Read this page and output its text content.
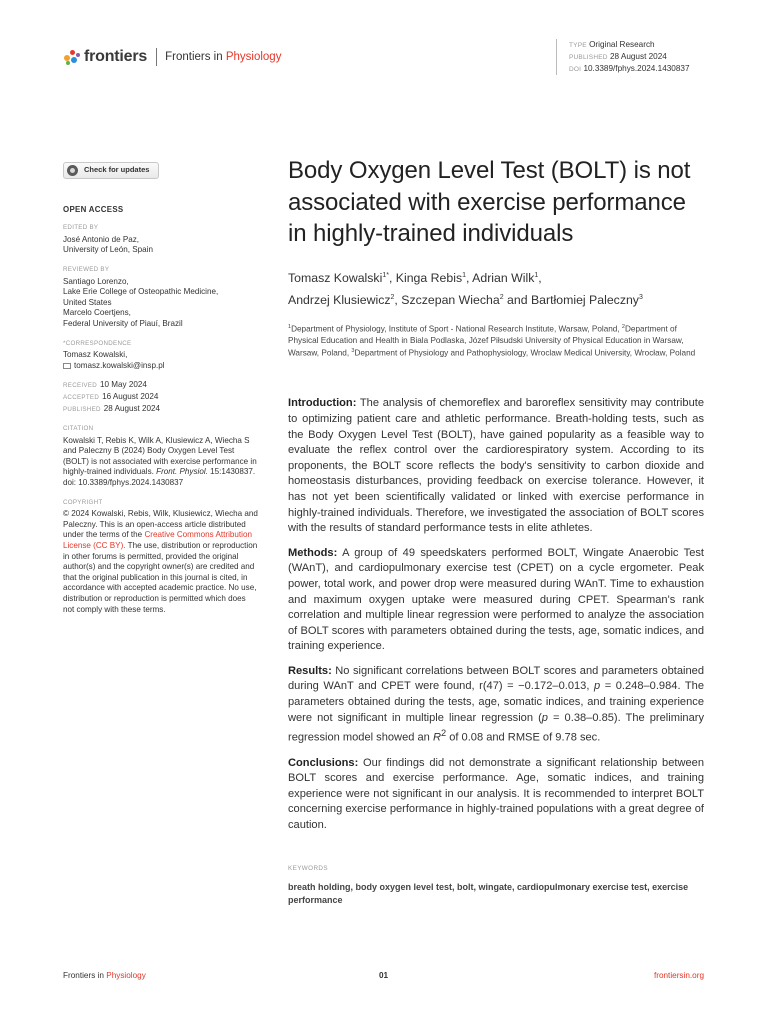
frontiers Frontiers in Physiology
TYPE Original Research
PUBLISHED 28 August 2024
DOI 10.3389/fphys.2024.1430837
Check for updates
OPEN ACCESS
EDITED BY
José Antonio de Paz,
University of León, Spain
REVIEWED BY
Santiago Lorenzo,
Lake Erie College of Osteopathic Medicine,
United States
Marcelo Coertjens,
Federal University of Piauí, Brazil
*CORRESPONDENCE
Tomasz Kowalski,
tomasz.kowalski@insp.pl
RECEIVED 10 May 2024
ACCEPTED 16 August 2024
PUBLISHED 28 August 2024
CITATION
Kowalski T, Rebis K, Wilk A, Klusiewicz A, Wiecha S and Paleczny B (2024) Body Oxygen Level Test (BOLT) is not associated with exercise performance in highly-trained individuals. Front. Physiol. 15:1430837.
doi: 10.3389/fphys.2024.1430837
COPYRIGHT
© 2024 Kowalski, Rebis, Wilk, Klusiewicz, Wiecha and Paleczny. This is an open-access article distributed under the terms of the Creative Commons Attribution License (CC BY). The use, distribution or reproduction in other forums is permitted, provided the original author(s) and the copyright owner(s) are credited and that the original publication in this journal is cited, in accordance with accepted academic practice. No use, distribution or reproduction is permitted which does not comply with these terms.
Body Oxygen Level Test (BOLT) is not associated with exercise performance in highly-trained individuals
Tomasz Kowalski$^{1*}$, Kinga Rebis$^1$, Adrian Wilk$^1$,
Andrzej Klusiewicz$^2$, Szczepan Wiecha$^2$ and Bartłomiej Paleczny$^3$
$^1$Department of Physiology, Institute of Sport - National Research Institute, Warsaw, Poland, $^2$Department of Physical Education and Health in Biala Podlaska, Józef Piłsudski University of Physical Education in Warsaw, Warsaw, Poland, $^3$Department of Physiology and Pathophysiology, Wroclaw Medical University, Wrocław, Poland

Introduction: The analysis of chemoreflex and baroreflex sensitivity may contribute to optimizing patient care and athletic performance. Breath-holding tests, such as the Body Oxygen Level Test (BOLT), have gained popularity as a feasible way to evaluate the reflex control over the cardiorespiratory system. According to its proponents, the BOLT score reflects the body's sensitivity to carbon dioxide and homeostasis disturbances, providing feedback on exercise tolerance. However, it has not yet been scientifically validated or linked with exercise performance in highly-trained individuals. Therefore, we investigated the association of BOLT scores with the results of standard performance tests in elite athletes.

Methods: A group of 49 speedskaters performed BOLT, Wingate Anaerobic Test (WAnT), and cardiopulmonary exercise test (CPET) on a cycle ergometer. Peak power, total work, and power drop were measured during WAnT. Time to exhaustion and maximum oxygen uptake were measured during CPET. Spearman's rank correlation and multiple linear regression were performed to analyze the association of BOLT scores with parameters obtained during the tests, age, somatic indices, and training experience.

Results: No significant correlations between BOLT scores and parameters obtained during WAnT and CPET were found, r(47) = −0.172–0.013, p = 0.248–0.984. The parameters obtained during the tests, age, somatic indices, and training experience were not significant in multiple linear regression (p = 0.38–0.85). The preliminary regression model showed an $R^2$ of 0.08 and RMSE of 9.78 sec.

Conclusions: Our findings did not demonstrate a significant relationship between BOLT scores and exercise performance. Age, somatic indices, and training experience were not significant in our analysis. It is recommended to interpret BOLT concerning exercise performance in highly-trained populations with a great degree of caution.

KEYWORDS
breath holding, body oxygen level test, bolt, wingate, cardiopulmonary exercise test, exercise performance
Frontiers in Physiology	01	frontiersin.org
